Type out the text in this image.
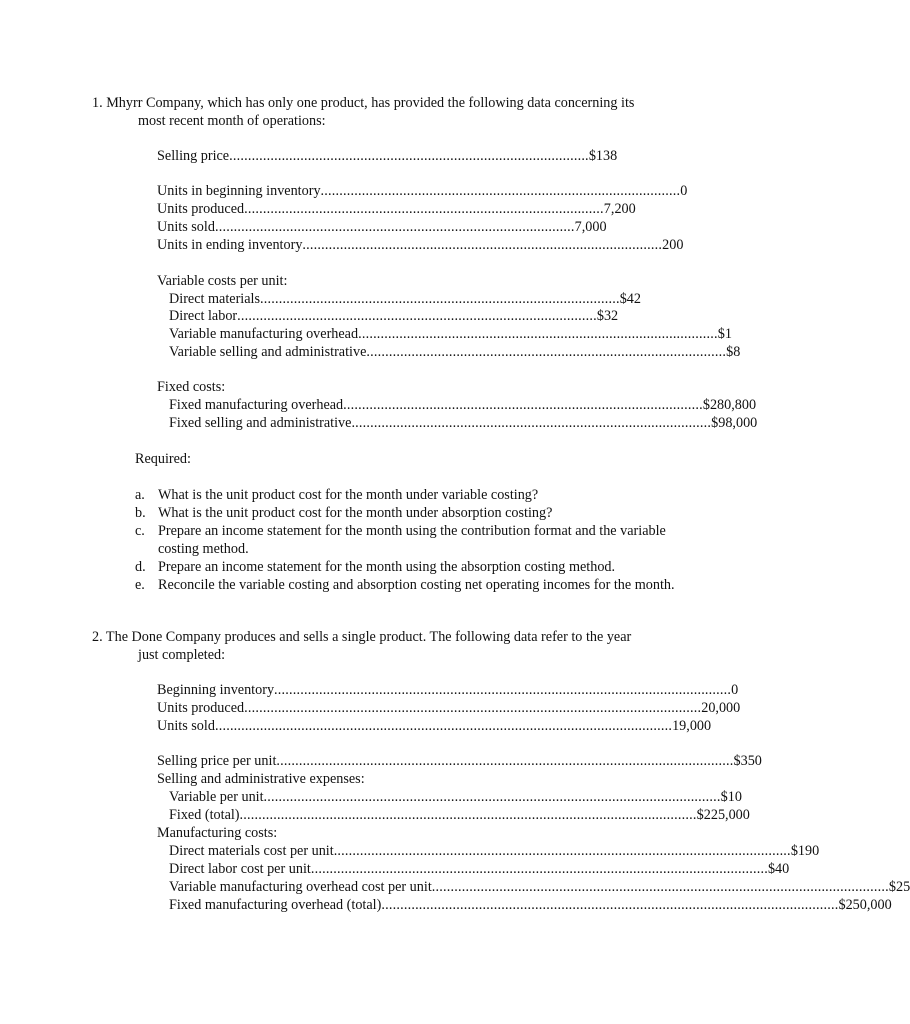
1. Mhyrr Company, which has only one product, has provided the following data concerning its
most recent month of operations:
Selling price ................................................................................................ $138
Units in beginning inventory ................................................................................................ 0
Units produced ................................................................................................ 7,200
Units sold ................................................................................................ 7,000
Units in ending inventory ................................................................................................ 200
Variable costs per unit:
Direct materials ................................................................................................ $42
Direct labor ................................................................................................ $32
Variable manufacturing overhead ................................................................................................ $1
Variable selling and administrative ................................................................................................ $8
Fixed costs:
Fixed manufacturing overhead ................................................................................................ $280,800
Fixed selling and administrative ................................................................................................ $98,000
Required:
a. What is the unit product cost for the month under variable costing?
b. What is the unit product cost for the month under absorption costing?
c. Prepare an income statement for the month using the contribution format and the variable costing method.
d. Prepare an income statement for the month using the absorption costing method.
e. Reconcile the variable costing and absorption costing net operating incomes for the month.
2. The Done Company produces and sells a single product. The following data refer to the year
just completed:
Beginning inventory .......................................................................................................................... 0
Units produced .......................................................................................................................... 20,000
Units sold .......................................................................................................................... 19,000
Selling price per unit .......................................................................................................................... $350
Selling and administrative expenses:
Variable per unit .......................................................................................................................... $10
Fixed (total) .......................................................................................................................... $225,000
Manufacturing costs:
Direct materials cost per unit .......................................................................................................................... $190
Direct labor cost per unit .......................................................................................................................... $40
Variable manufacturing overhead cost per unit .......................................................................................................................... $25
Fixed manufacturing overhead (total) .......................................................................................................................... $250,000
